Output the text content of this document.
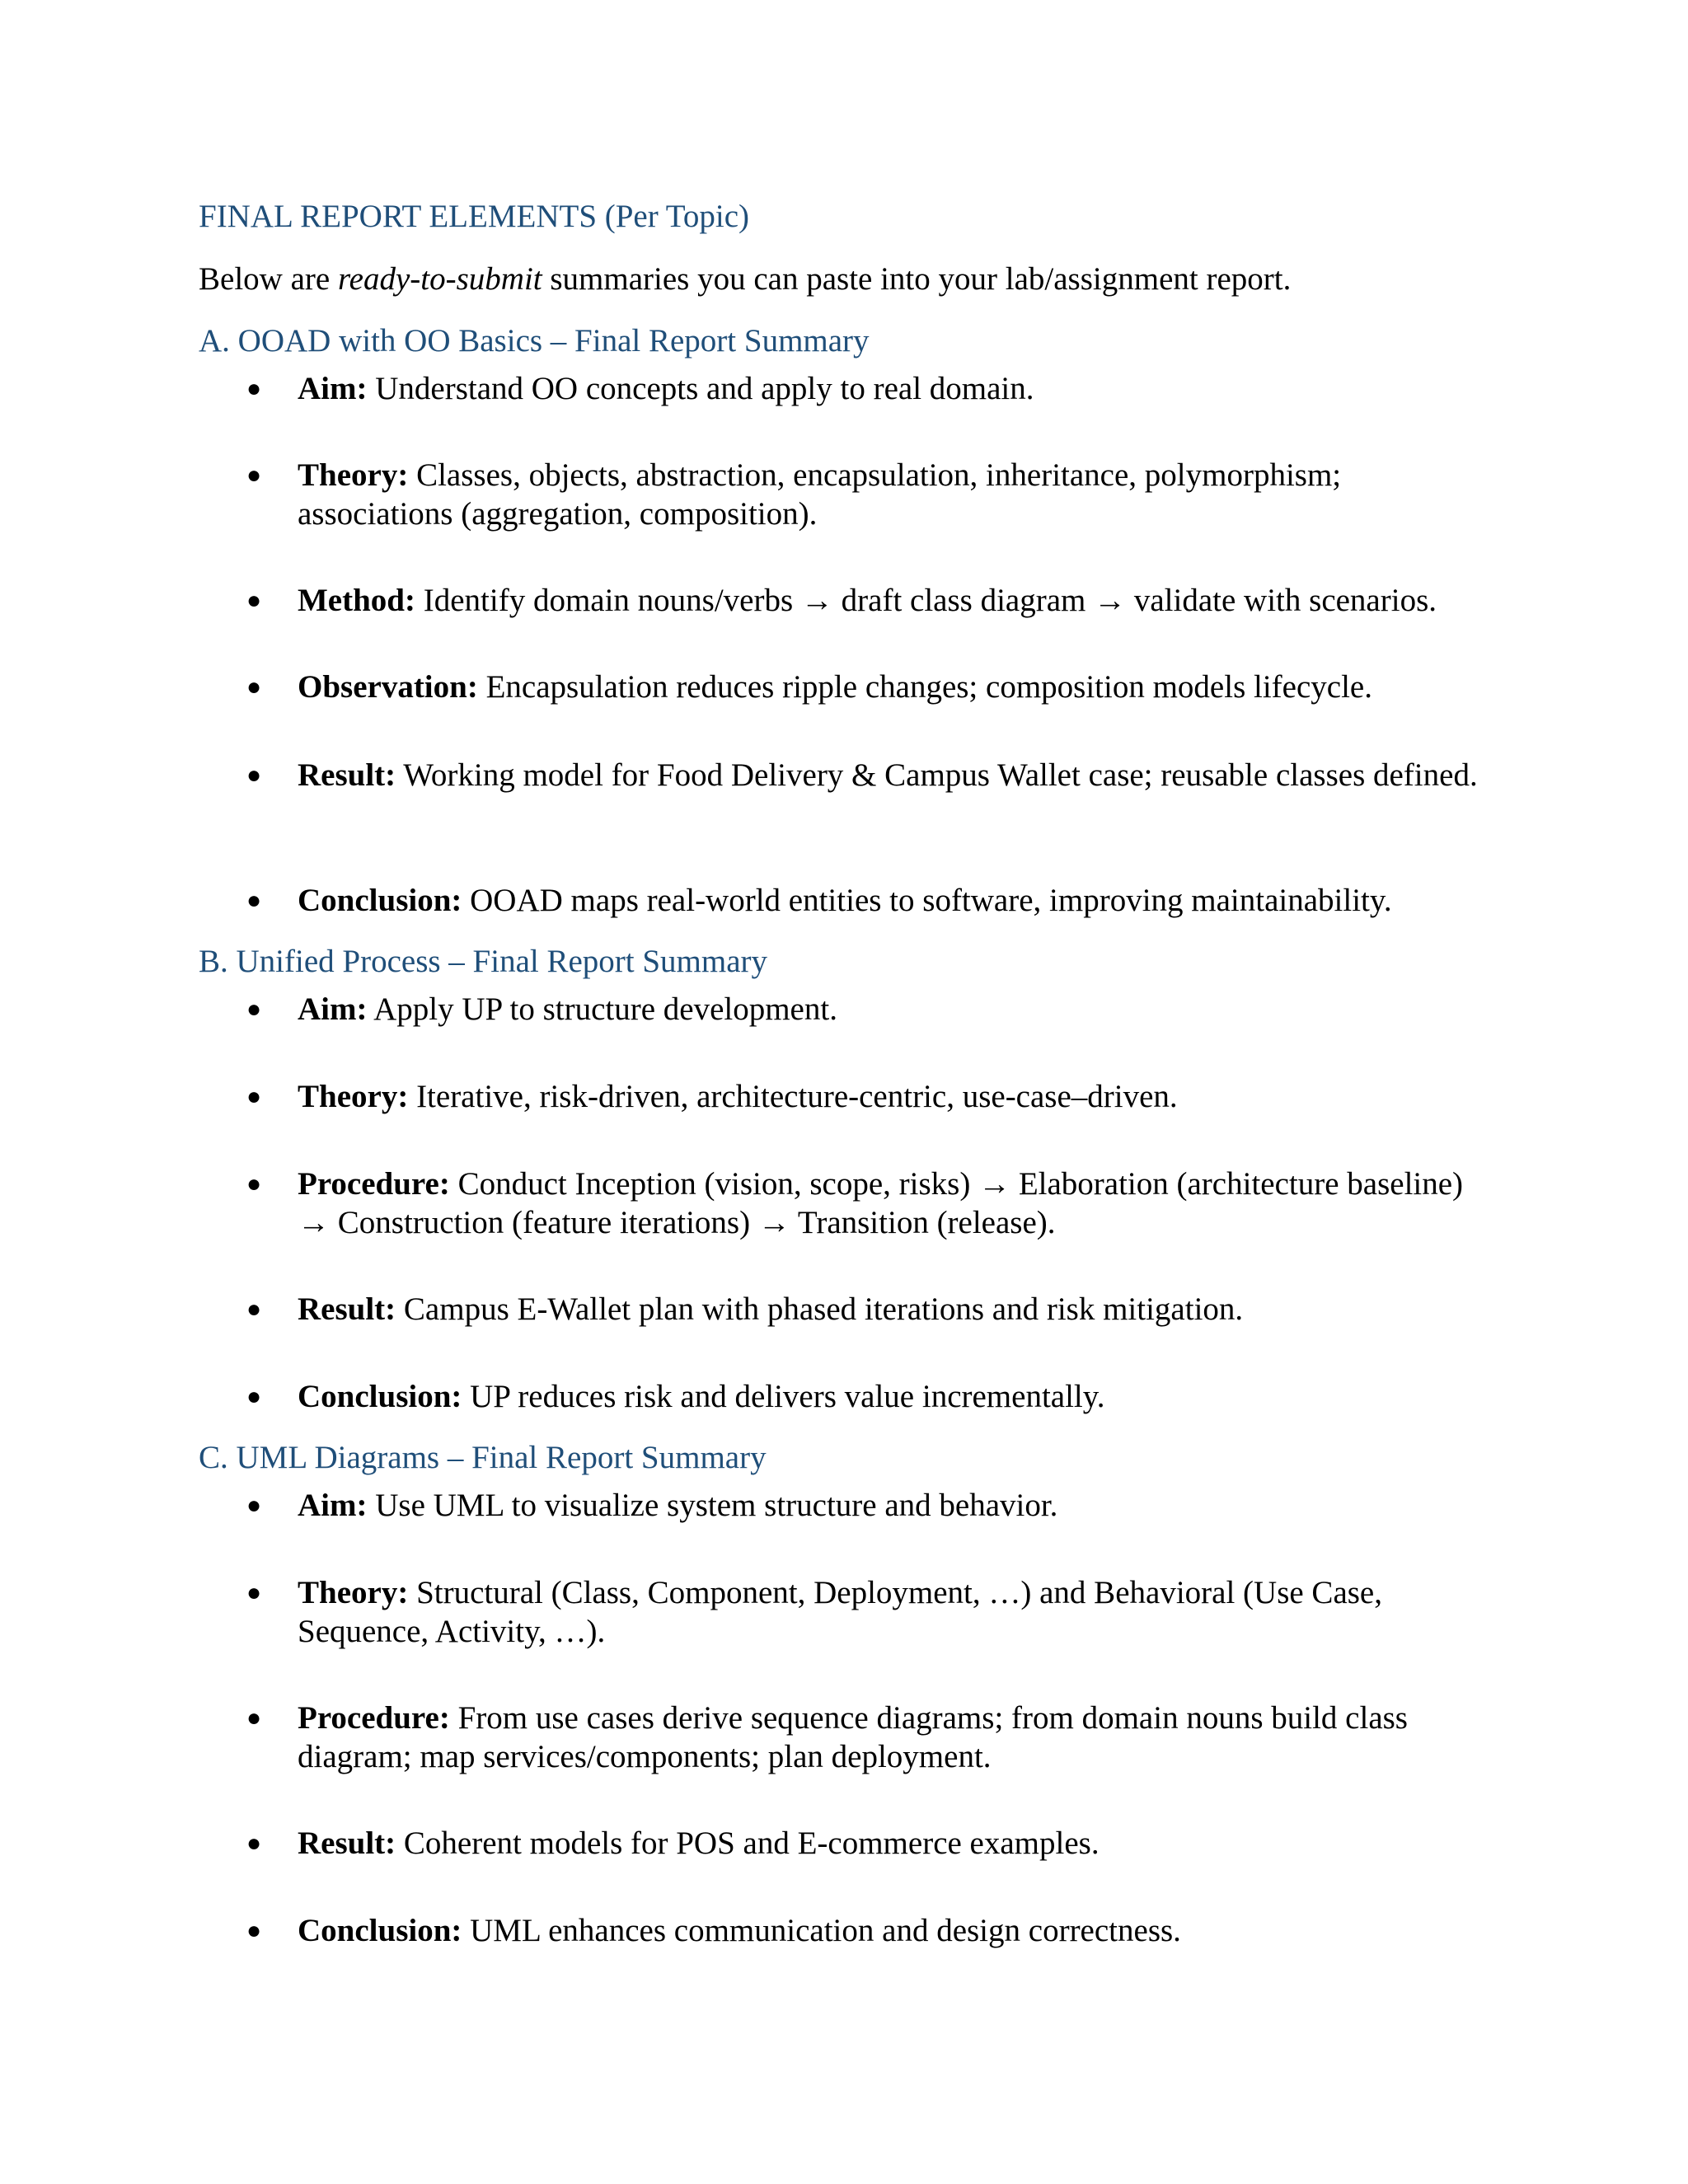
FINAL REPORT ELEMENTS (Per Topic)

Below are ready-to-submit summaries you can paste into your lab/assignment report.

A. OOAD with OO Basics – Final Report Summary
● Aim: Understand OO concepts and apply to real domain.
● Theory: Classes, objects, abstraction, encapsulation, inheritance, polymorphism; associations (aggregation, composition).
● Method: Identify domain nouns/verbs → draft class diagram → validate with scenarios.
● Observation: Encapsulation reduces ripple changes; composition models lifecycle.
● Result: Working model for Food Delivery & Campus Wallet case; reusable classes defined.
● Conclusion: OOAD maps real-world entities to software, improving maintainability.
B. Unified Process – Final Report Summary
● Aim: Apply UP to structure development.
● Theory: Iterative, risk-driven, architecture-centric, use-case–driven.
● Procedure: Conduct Inception (vision, scope, risks) → Elaboration (architecture baseline) → Construction (feature iterations) → Transition (release).
● Result: Campus E-Wallet plan with phased iterations and risk mitigation.
● Conclusion: UP reduces risk and delivers value incrementally.
C. UML Diagrams – Final Report Summary
● Aim: Use UML to visualize system structure and behavior.
● Theory: Structural (Class, Component, Deployment, …) and Behavioral (Use Case, Sequence, Activity, …).
● Procedure: From use cases derive sequence diagrams; from domain nouns build class diagram; map services/components; plan deployment.
● Result: Coherent models for POS and E-commerce examples.
● Conclusion: UML enhances communication and design correctness.
